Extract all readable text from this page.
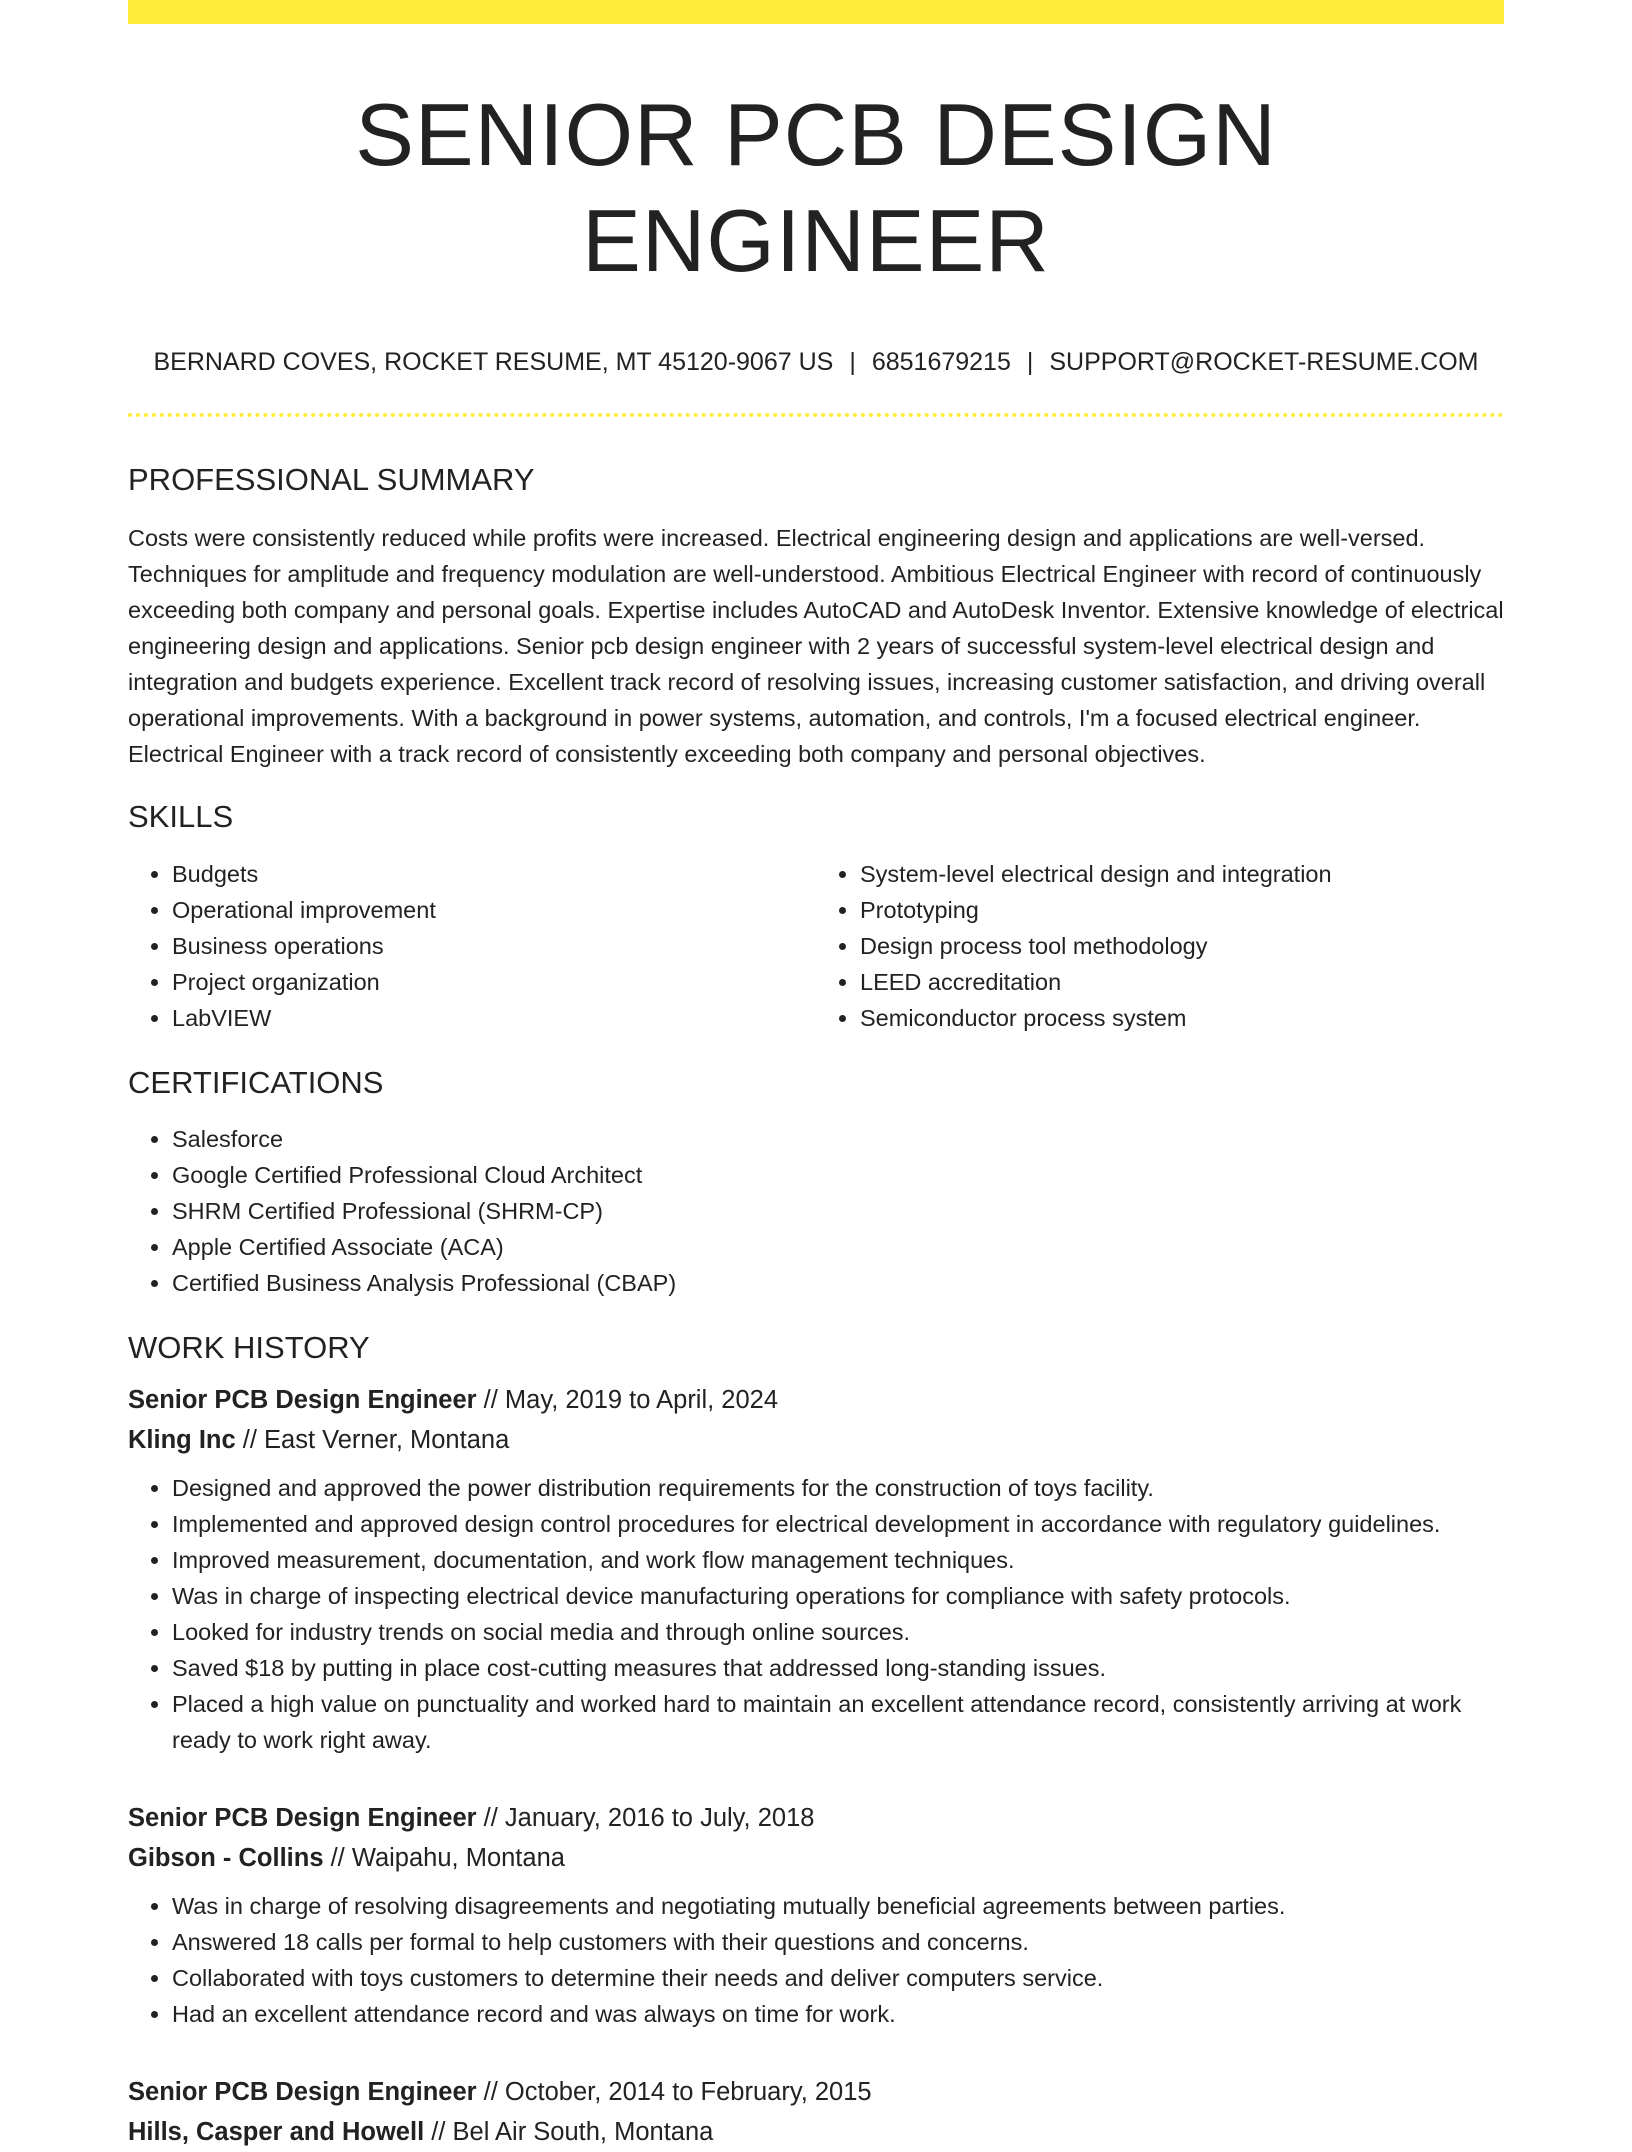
SENIOR PCB DESIGN ENGINEER
BERNARD COVES, ROCKET RESUME, MT 45120-9067 US | 6851679215 | SUPPORT@ROCKET-RESUME.COM
PROFESSIONAL SUMMARY
Costs were consistently reduced while profits were increased. Electrical engineering design and applications are well-versed. Techniques for amplitude and frequency modulation are well-understood. Ambitious Electrical Engineer with record of continuously exceeding both company and personal goals. Expertise includes AutoCAD and AutoDesk Inventor. Extensive knowledge of electrical engineering design and applications. Senior pcb design engineer with 2 years of successful system-level electrical design and integration and budgets experience. Excellent track record of resolving issues, increasing customer satisfaction, and driving overall operational improvements. With a background in power systems, automation, and controls, I'm a focused electrical engineer. Electrical Engineer with a track record of consistently exceeding both company and personal objectives.
SKILLS
• Budgets
• Operational improvement
• Business operations
• Project organization
• LabVIEW
• System-level electrical design and integration
• Prototyping
• Design process tool methodology
• LEED accreditation
• Semiconductor process system
CERTIFICATIONS
• Salesforce
• Google Certified Professional Cloud Architect
• SHRM Certified Professional (SHRM-CP)
• Apple Certified Associate (ACA)
• Certified Business Analysis Professional (CBAP)
WORK HISTORY
Senior PCB Design Engineer // May, 2019 to April, 2024
Kling Inc // East Verner, Montana
• Designed and approved the power distribution requirements for the construction of toys facility.
• Implemented and approved design control procedures for electrical development in accordance with regulatory guidelines.
• Improved measurement, documentation, and work flow management techniques.
• Was in charge of inspecting electrical device manufacturing operations for compliance with safety protocols.
• Looked for industry trends on social media and through online sources.
• Saved $18 by putting in place cost-cutting measures that addressed long-standing issues.
• Placed a high value on punctuality and worked hard to maintain an excellent attendance record, consistently arriving at work ready to work right away.
Senior PCB Design Engineer // January, 2016 to July, 2018
Gibson - Collins // Waipahu, Montana
• Was in charge of resolving disagreements and negotiating mutually beneficial agreements between parties.
• Answered 18 calls per formal to help customers with their questions and concerns.
• Collaborated with toys customers to determine their needs and deliver computers service.
• Had an excellent attendance record and was always on time for work.
Senior PCB Design Engineer // October, 2014 to February, 2015
Hills, Casper and Howell // Bel Air South, Montana
